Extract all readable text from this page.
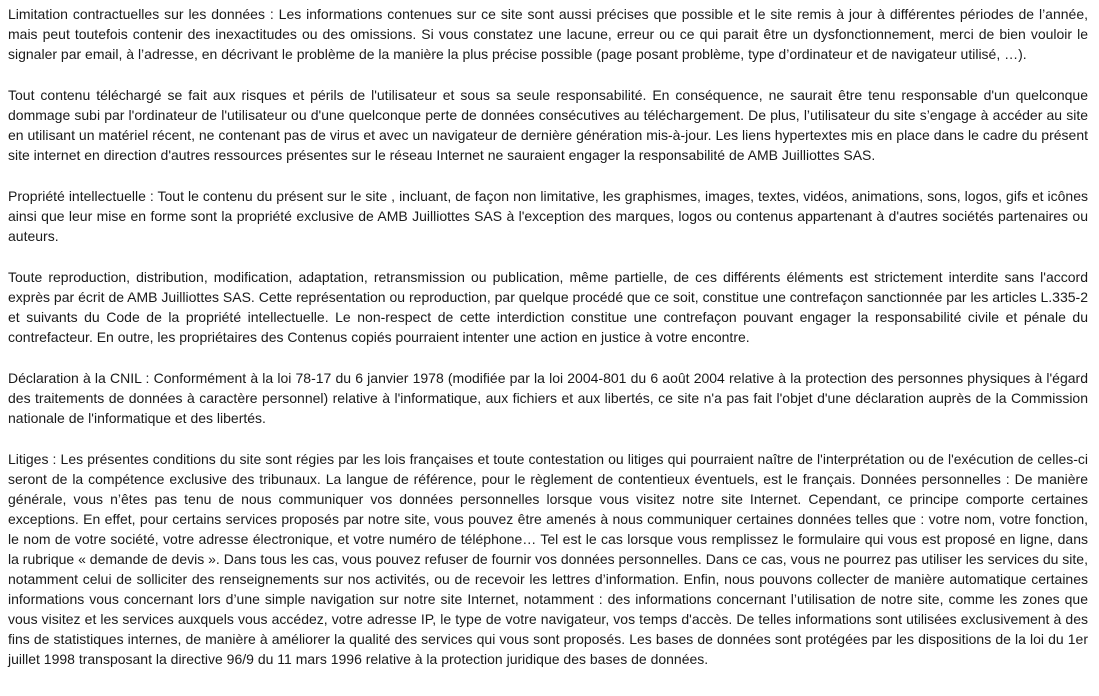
Limitation contractuelles sur les données : Les informations contenues sur ce site sont aussi précises que possible et le site remis à jour à différentes périodes de l’année, mais peut toutefois contenir des inexactitudes ou des omissions. Si vous constatez une lacune, erreur ou ce qui parait être un dysfonctionnement, merci de bien vouloir le signaler par email, à l’adresse, en décrivant le problème de la manière la plus précise possible (page posant problème, type d’ordinateur et de navigateur utilisé, …).

Tout contenu téléchargé se fait aux risques et périls de l'utilisateur et sous sa seule responsabilité. En conséquence, ne saurait être tenu responsable d'un quelconque dommage subi par l'ordinateur de l'utilisateur ou d'une quelconque perte de données consécutives au téléchargement. De plus, l’utilisateur du site s’engage à accéder au site en utilisant un matériel récent, ne contenant pas de virus et avec un navigateur de dernière génération mis-à-jour. Les liens hypertextes mis en place dans le cadre du présent site internet en direction d'autres ressources présentes sur le réseau Internet ne sauraient engager la responsabilité de AMB Juilliottes SAS.

Propriété intellectuelle : Tout le contenu du présent sur le site , incluant, de façon non limitative, les graphismes, images, textes, vidéos, animations, sons, logos, gifs et icônes ainsi que leur mise en forme sont la propriété exclusive de AMB Juilliottes SAS à l'exception des marques, logos ou contenus appartenant à d'autres sociétés partenaires ou auteurs.

Toute reproduction, distribution, modification, adaptation, retransmission ou publication, même partielle, de ces différents éléments est strictement interdite sans l'accord exprès par écrit de AMB Juilliottes SAS. Cette représentation ou reproduction, par quelque procédé que ce soit, constitue une contrefaçon sanctionnée par les articles L.335-2 et suivants du Code de la propriété intellectuelle. Le non-respect de cette interdiction constitue une contrefaçon pouvant engager la responsabilité civile et pénale du contrefacteur. En outre, les propriétaires des Contenus copiés pourraient intenter une action en justice à votre encontre.

Déclaration à la CNIL : Conformément à la loi 78-17 du 6 janvier 1978 (modifiée par la loi 2004-801 du 6 août 2004 relative à la protection des personnes physiques à l'égard des traitements de données à caractère personnel) relative à l'informatique, aux fichiers et aux libertés, ce site n'a pas fait l'objet d'une déclaration auprès de la Commission nationale de l'informatique et des libertés.

Litiges : Les présentes conditions du site sont régies par les lois françaises et toute contestation ou litiges qui pourraient naître de l'interprétation ou de l'exécution de celles-ci seront de la compétence exclusive des tribunaux. La langue de référence, pour le règlement de contentieux éventuels, est le français. Données personnelles : De manière générale, vous n’êtes pas tenu de nous communiquer vos données personnelles lorsque vous visitez notre site Internet. Cependant, ce principe comporte certaines exceptions. En effet, pour certains services proposés par notre site, vous pouvez être amenés à nous communiquer certaines données telles que : votre nom, votre fonction, le nom de votre société, votre adresse électronique, et votre numéro de téléphone… Tel est le cas lorsque vous remplissez le formulaire qui vous est proposé en ligne, dans la rubrique « demande de devis ». Dans tous les cas, vous pouvez refuser de fournir vos données personnelles. Dans ce cas, vous ne pourrez pas utiliser les services du site, notamment celui de solliciter des renseignements sur nos activités, ou de recevoir les lettres d’information. Enfin, nous pouvons collecter de manière automatique certaines informations vous concernant lors d’une simple navigation sur notre site Internet, notamment : des informations concernant l’utilisation de notre site, comme les zones que vous visitez et les services auxquels vous accédez, votre adresse IP, le type de votre navigateur, vos temps d'accès. De telles informations sont utilisées exclusivement à des fins de statistiques internes, de manière à améliorer la qualité des services qui vous sont proposés. Les bases de données sont protégées par les dispositions de la loi du 1er juillet 1998 transposant la directive 96/9 du 11 mars 1996 relative à la protection juridique des bases de données.
